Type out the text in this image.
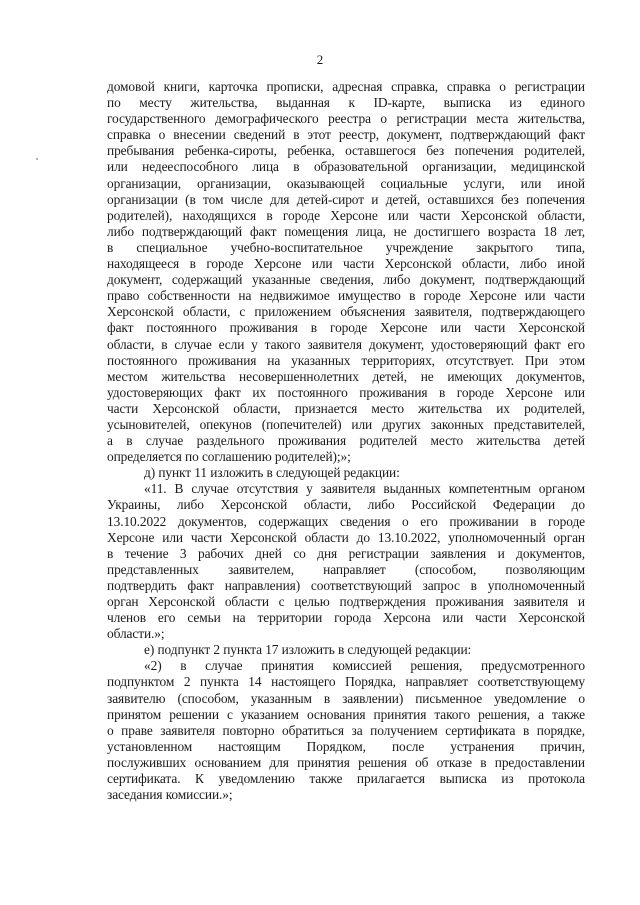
2
домовой книги, карточка прописки, адресная справка, справка о регистрации
по месту жительства, выданная к ID-карте, выписка из единого
государственного демографического реестра о регистрации места жительства,
справка о внесении сведений в этот реестр, документ, подтверждающий факт
пребывания ребенка-сироты, ребенка, оставшегося без попечения родителей,
или недееспособного лица в образовательной организации, медицинской
организации, организации, оказывающей социальные услуги, или иной
организации (в том числе для детей-сирот и детей, оставшихся без попечения
родителей), находящихся в городе Херсоне или части Херсонской области,
либо подтверждающий факт помещения лица, не достигшего возраста 18 лет,
в специальное учебно-воспитательное учреждение закрытого типа,
находящееся в городе Херсоне или части Херсонской области, либо иной
документ, содержащий указанные сведения, либо документ, подтверждающий
право собственности на недвижимое имущество в городе Херсоне или части
Херсонской области, с приложением объяснения заявителя, подтверждающего
факт постоянного проживания в городе Херсоне или части Херсонской
области, в случае если у такого заявителя документ, удостоверяющий факт его
постоянного проживания на указанных территориях, отсутствует. При этом
местом жительства несовершеннолетних детей, не имеющих документов,
удостоверяющих факт их постоянного проживания в городе Херсоне или
части Херсонской области, признается место жительства их родителей,
усыновителей, опекунов (попечителей) или других законных представителей,
а в случае раздельного проживания родителей место жительства детей
определяется по соглашению родителей);»;
д) пункт 11 изложить в следующей редакции:
«11. В случае отсутствия у заявителя выданных компетентным органом
Украины, либо Херсонской области, либо Российской Федерации до
13.10.2022 документов, содержащих сведения о его проживании в городе
Херсоне или части Херсонской области до 13.10.2022, уполномоченный орган
в течение 3 рабочих дней со дня регистрации заявления и документов,
представленных заявителем, направляет (способом, позволяющим
подтвердить факт направления) соответствующий запрос в уполномоченный
орган Херсонской области с целью подтверждения проживания заявителя и
членов его семьи на территории города Херсона или части Херсонской
области.»;
е) подпункт 2 пункта 17 изложить в следующей редакции:
«2) в случае принятия комиссией решения, предусмотренного
подпунктом 2 пункта 14 настоящего Порядка, направляет соответствующему
заявителю (способом, указанным в заявлении) письменное уведомление о
принятом решении с указанием основания принятия такого решения, а также
о праве заявителя повторно обратиться за получением сертификата в порядке,
установленном настоящим Порядком, после устранения причин,
послуживших основанием для принятия решения об отказе в предоставлении
сертификата. К уведомлению также прилагается выписка из протокола
заседания комиссии.»;
